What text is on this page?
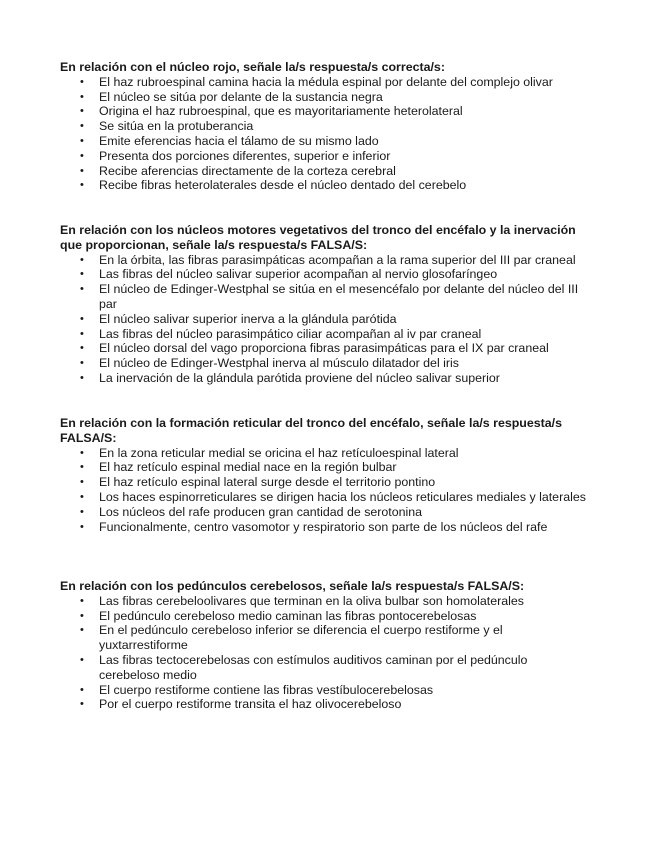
En relación con el núcleo rojo, señale la/s respuesta/s correcta/s:

• El haz rubroespinal camina hacia la médula espinal por delante del complejo olivar
• El núcleo se sitúa por delante de la sustancia negra
• Origina el haz rubroespinal, que es mayoritariamente heterolateral
• Se sitúa en la protuberancia
• Emite eferencias hacia el tálamo de su mismo lado
• Presenta dos porciones diferentes, superior e inferior
• Recibe aferencias directamente de la corteza cerebral
• Recibe fibras heterolaterales desde el núcleo dentado del cerebelo

En relación con los núcleos motores vegetativos del tronco del encéfalo y la inervación que proporcionan, señale la/s respuesta/s FALSA/S:

• En la órbita, las fibras parasimpáticas acompañan a la rama superior del III par craneal
• Las fibras del núcleo salivar superior acompañan al nervio glosofaríngeo
• El núcleo de Edinger-Westphal se sitúa en el mesencéfalo por delante del núcleo del III par
• El núcleo salivar superior inerva a la glándula parótida
• Las fibras del núcleo parasimpático ciliar acompañan al iv par craneal
• El núcleo dorsal del vago proporciona fibras parasimpáticas para el IX par craneal
• El núcleo de Edinger-Westphal inerva al músculo dilatador del iris
• La inervación de la glándula parótida proviene del núcleo salivar superior

En relación con la formación reticular del tronco del encéfalo, señale la/s respuesta/s FALSA/S:

• En la zona reticular medial se oricina el haz retículoespinal lateral
• El haz retículo espinal medial nace en la región bulbar
• El haz retículo espinal lateral surge desde el territorio pontino
• Los haces espinorreticulares se dirigen hacia los núcleos reticulares mediales y laterales
• Los núcleos del rafe producen gran cantidad de serotonina
• Funcionalmente, centro vasomotor y respiratorio son parte de los núcleos del rafe

En relación con los pedúnculos cerebelosos, señale la/s respuesta/s FALSA/S:

• Las fibras cerebeloolivares que terminan en la oliva bulbar son homolaterales
• El pedúnculo cerebeloso medio caminan las fibras pontocerebelosas
• En el pedúnculo cerebeloso inferior se diferencia el cuerpo restiforme y el yuxtarrestiforme
• Las fibras tectocerebelosas con estímulos auditivos caminan por el pedúnculo cerebeloso medio
• El cuerpo restiforme contiene las fibras vestíbulocerebelosas
• Por el cuerpo restiforme transita el haz olivocerebeloso
